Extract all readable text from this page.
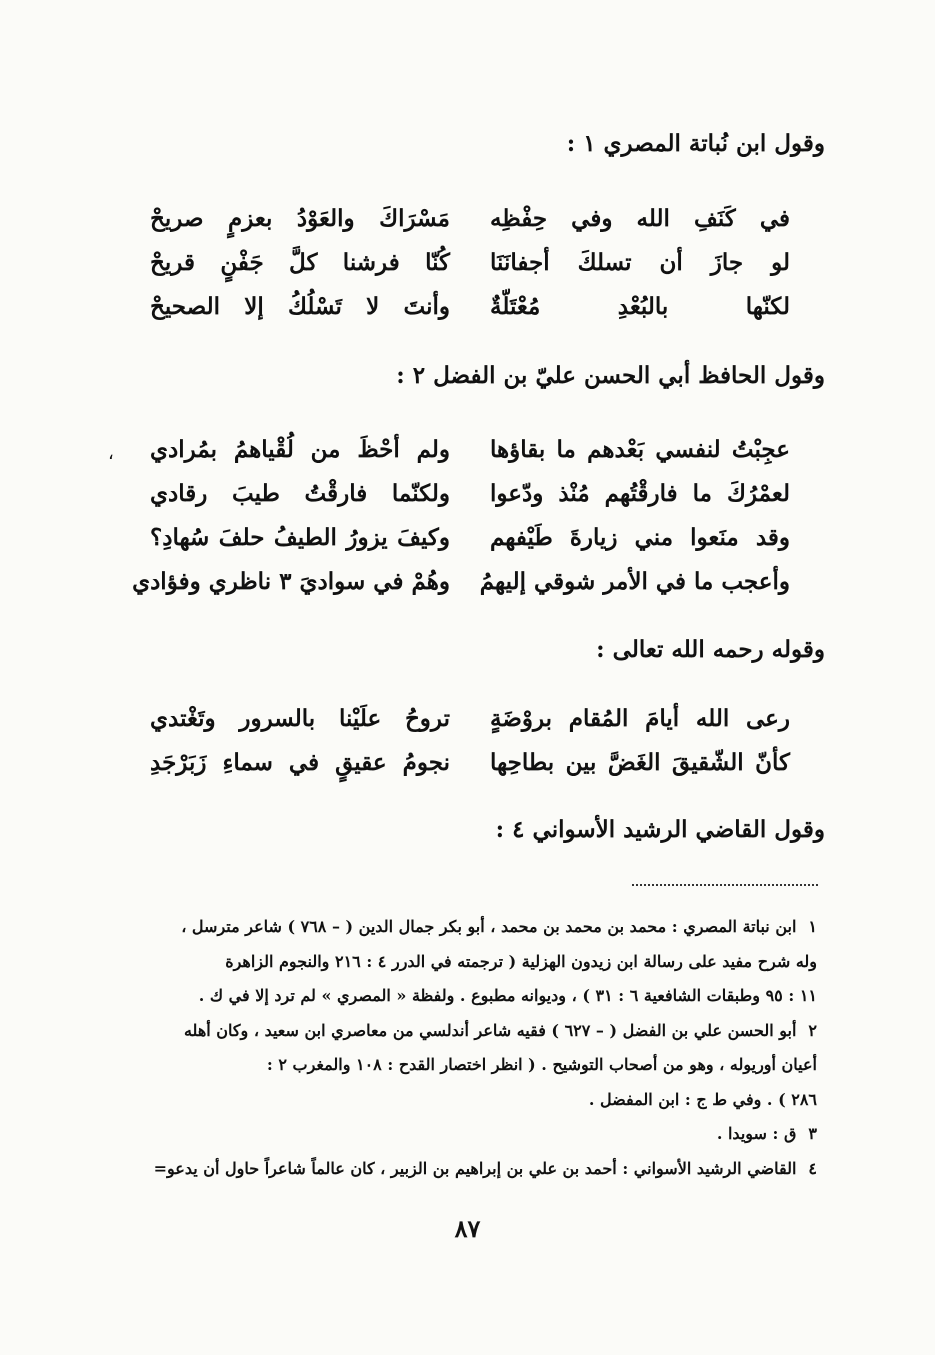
وقول ابن نُباتة المصري ١ :
في كَنَفِ الله وفي حِفْظِه
مَسْرَاكَ والعَوْدُ بعزمٍ صريحْ
لو جازَ أن تسلكَ أجفانَنَا
كُنّا فرشنا كلَّ جَفْنٍ قريحْ
لكنّها بالبُعْدِ مُعْتَلّةٌ
وأنتَ لا تَسْلُكُ إلا الصحيحْ
وقول الحافظ أبي الحسن عليّ بن الفضل ٢ :
،	عجِبْتُ لنفسي بَعْدهم ما بقاؤها
ولم أحْظَ من لُقْياهمُ بمُرادي
لعمْرُكَ ما فارقْتُهم مُنْذ ودّعوا
ولكنّما فارقْتُ طيبَ رقادي
وقد منَعوا مني زيارةَ طَيْفهم
وكيفَ يزورُ الطيفُ حلفَ سُهادِ؟
وأعجب ما في الأمر شوقي إليهمُ
وهُمْ في سواديَ ٣ ناظري وفؤادي
وقوله رحمه الله تعالى :
رعى الله أيامَ المُقام بروْضَةٍ
تروحُ علَيْنا بالسرور وتَغْتدي
كأنّ الشّقيقَ الغَضَّ بين بطاحِها
نجومُ عقيقٍ في سماءِ زَبَرْجَدِ
وقول القاضي الرشيد الأسواني ٤ :
١
ابن نباتة المصري : محمد بن محمد بن محمد ، أبو بكر جمال الدين ( – ٧٦٨ ) شاعر مترسل ،
وله شرح مفيد على رسالة ابن زيدون الهزلية ( ترجمته في الدرر ٤ : ٢١٦ والنجوم الزاهرة
١١ : ٩٥ وطبقات الشافعية ٦ : ٣١ ) ، وديوانه مطبوع . ولفظة « المصري » لم ترد إلا في ك .
٢
أبو الحسن علي بن الفضل ( – ٦٢٧ ) فقيه شاعر أندلسي من معاصري ابن سعيد ، وكان أهله
أعيان أوريوله ، وهو من أصحاب التوشيح . ( انظر اختصار القدح : ١٠٨ والمغرب ٢ :
٢٨٦ ) . وفي ط ج : ابن المفضل .
٣
ق : سويدا .
٤
القاضي الرشيد الأسواني : أحمد بن علي بن إبراهيم بن الزبير ، كان عالماً شاعراً حاول أن يدعو=
٨٧
